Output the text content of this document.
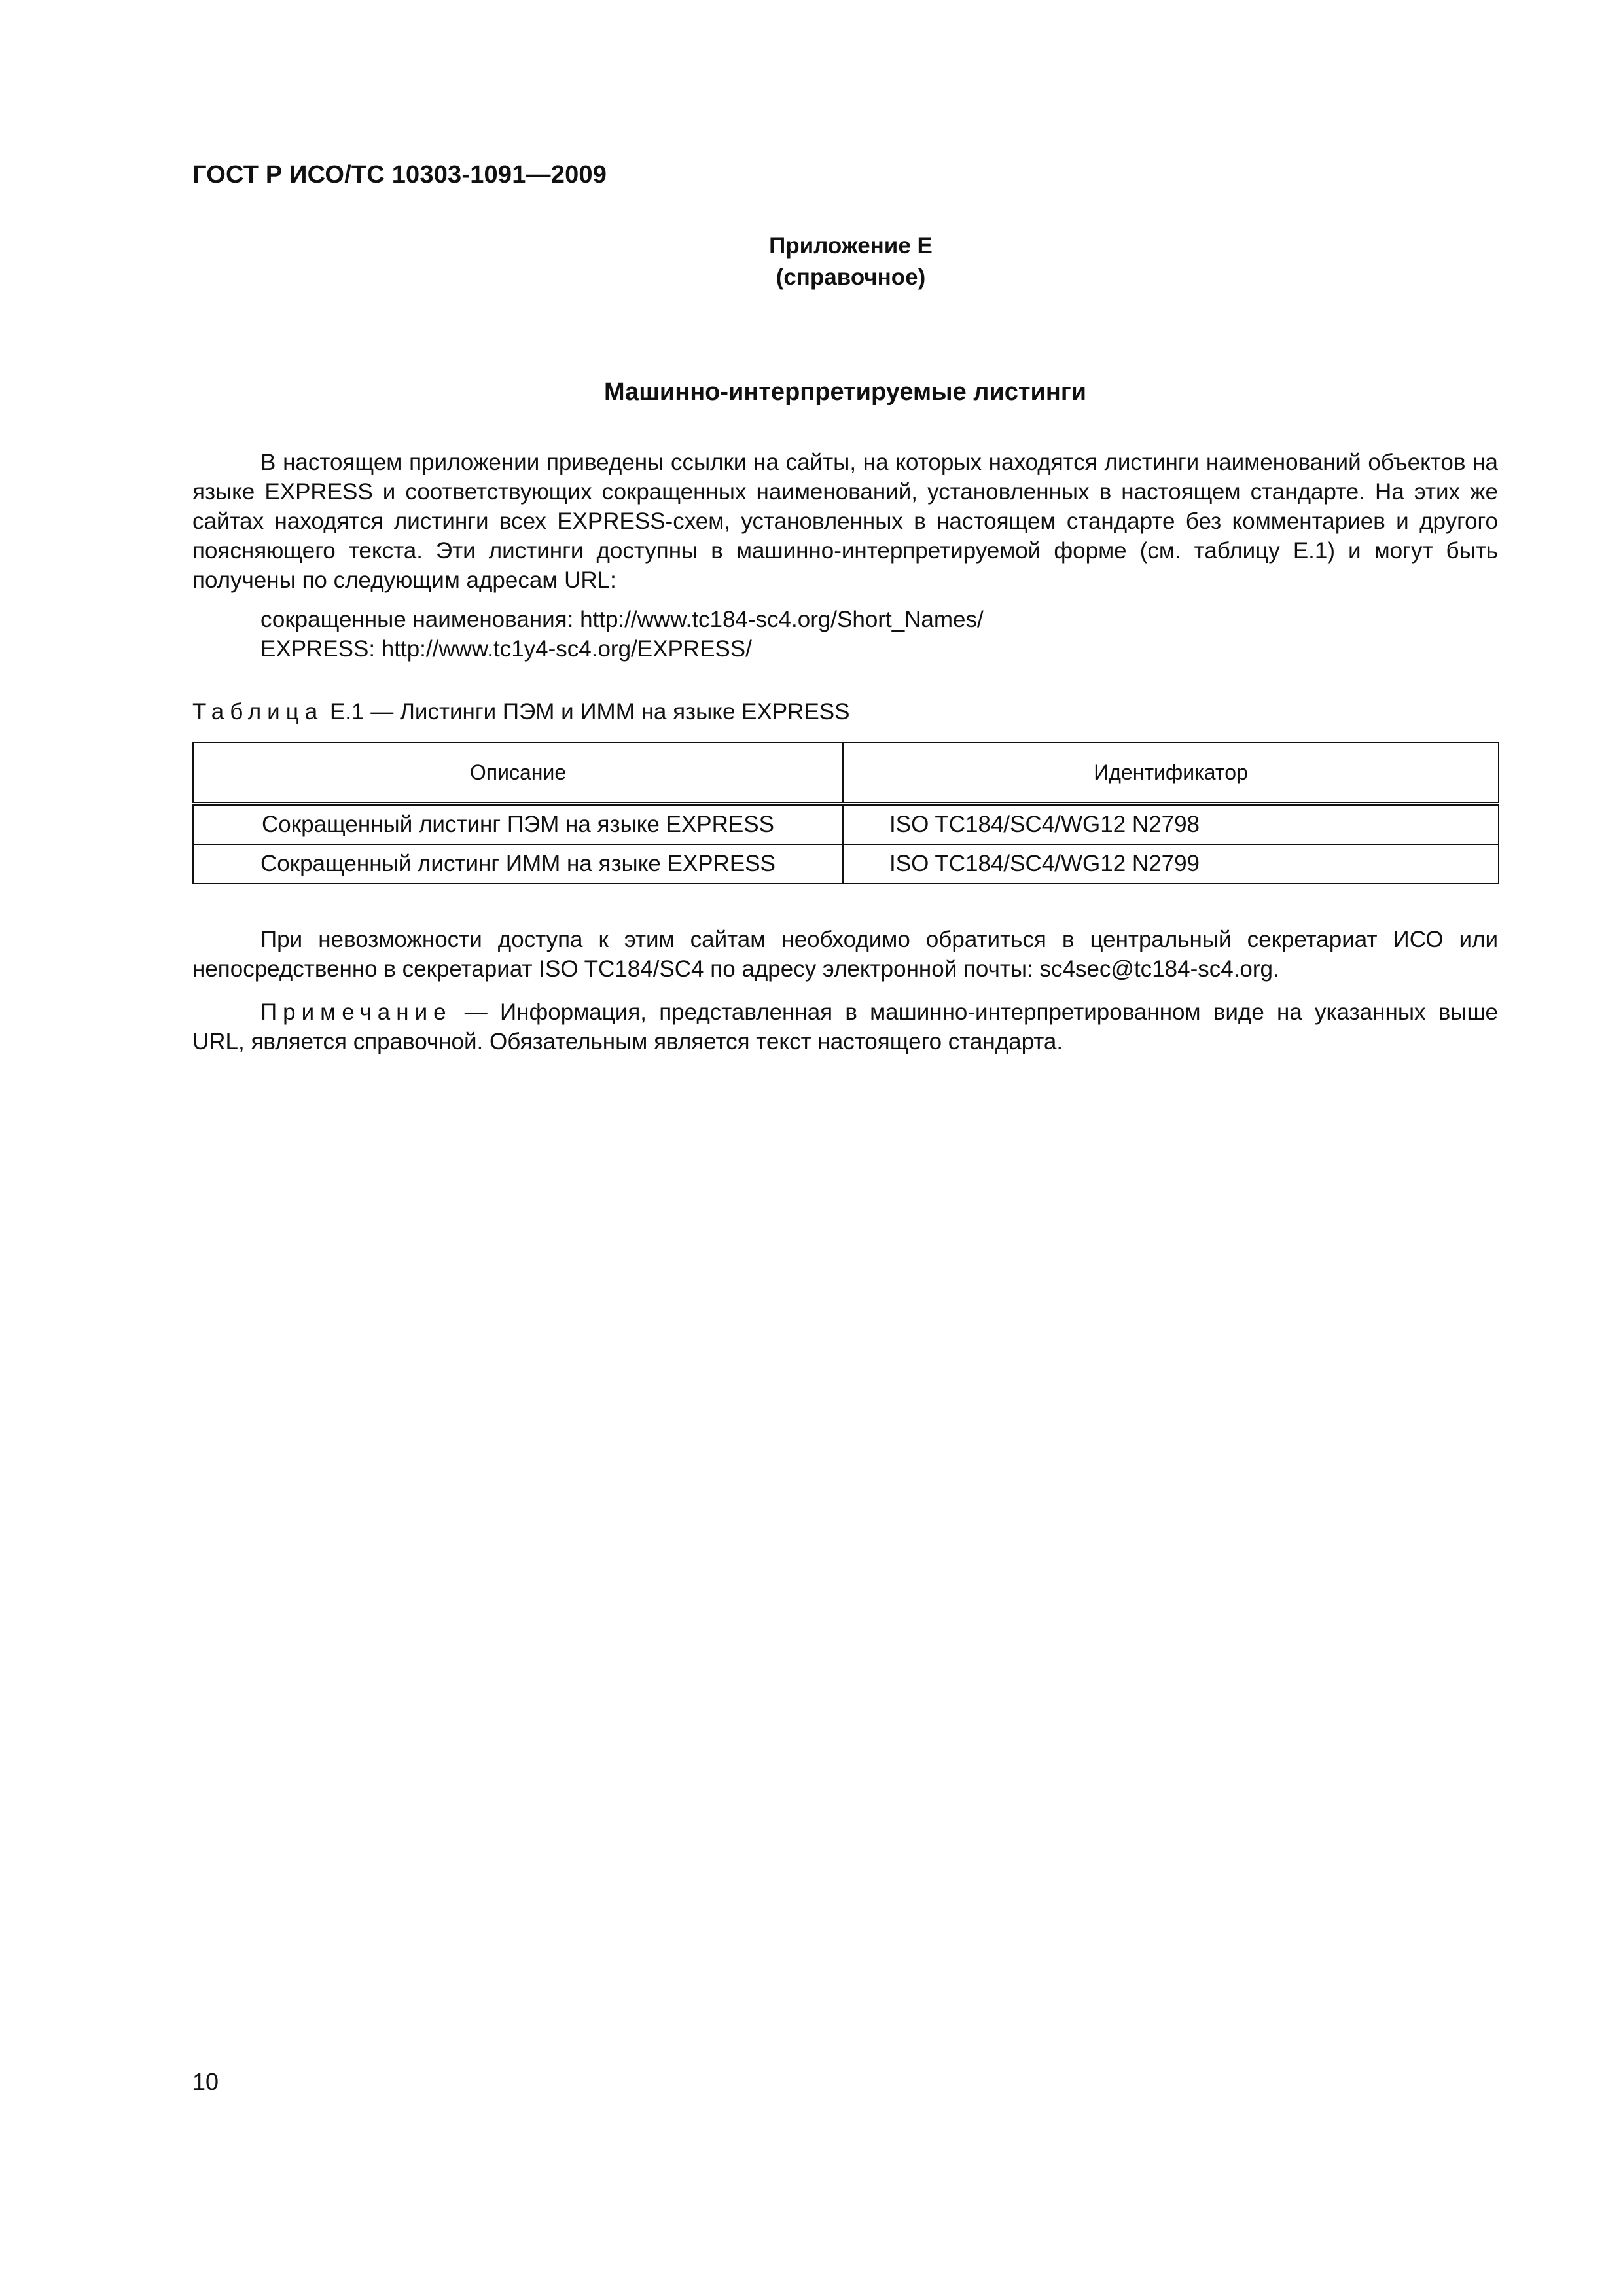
ГОСТ Р ИСО/ТС 10303-1091—2009
Приложение Е
(справочное)
Машинно-интерпретируемые листинги

В настоящем приложении приведены ссылки на сайты, на которых находятся листинги наименований объектов на языке EXPRESS и соответствующих сокращенных наименований, установленных в настоящем стандарте. На этих же сайтах находятся листинги всех EXPRESS-схем, установленных в настоящем стандарте без комментариев и другого поясняющего текста. Эти листинги доступны в машинно-интерпретируемой форме (см. таблицу Е.1) и могут быть получены по следующим адресам URL:

сокращенные наименования: http://www.tc184-sc4.org/Short_Names/
EXPRESS: http://www.tc1y4-sc4.org/EXPRESS/
Таблица Е.1 — Листинги ПЭМ и ИММ на языке EXPRESS
Описание	Идентификатор
Сокращенный листинг ПЭМ на языке EXPRESS	ISO TC184/SC4/WG12 N2798
Сокращенный листинг ИММ на языке EXPRESS	ISO TC184/SC4/WG12 N2799

При невозможности доступа к этим сайтам необходимо обратиться в центральный секретариат ИСО или непосредственно в секретариат ISO TC184/SC4 по адресу электронной почты: sc4sec@tc184-sc4.org.

Примечание — Информация, представленная в машинно-интерпретированном виде на указанных выше URL, является справочной. Обязательным является текст настоящего стандарта.

10
